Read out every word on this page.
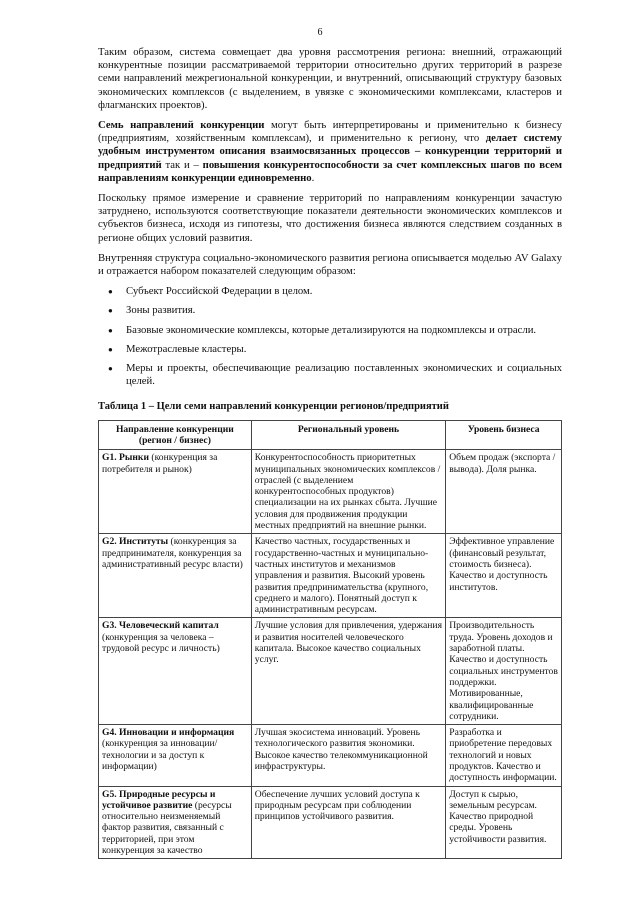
6

Таким образом, система совмещает два уровня рассмотрения региона: внешний, отражающий конкурентные позиции рассматриваемой территории относительно других территорий в разрезе семи направлений межрегиональной конкуренции, и внутренний, описывающий структуру базовых экономических комплексов (с выделением, в увязке с экономическими комплексами, кластеров и флагманских проектов).

Семь направлений конкуренции могут быть интерпретированы и применительно к бизнесу (предприятиям, хозяйственным комплексам), и применительно к региону, что делает систему удобным инструментом описания взаимосвязанных процессов – конкуренции территорий и предприятий так и – повышения конкурентоспособности за счет комплексных шагов по всем направлениям конкуренции единовременно.

Поскольку прямое измерение и сравнение территорий по направлениям конкуренции зачастую затруднено, используются соответствующие показатели деятельности экономических комплексов и субъектов бизнеса, исходя из гипотезы, что достижения бизнеса являются следствием созданных в регионе общих условий развития.

Внутренняя структура социально-экономического развития региона описывается моделью AV Galaxy и отражается набором показателей следующим образом:

● Субъект Российской Федерации в целом.
● Зоны развития.
● Базовые экономические комплексы, которые детализируются на подкомплексы и отрасли.
● Межотраслевые кластеры.
● Меры и проекты, обеспечивающие реализацию поставленных экономических и социальных целей.
Таблица 1 – Цели семи направлений конкуренции регионов/предприятий
Направление конкуренции (регион / бизнес)	Региональный уровень	Уровень бизнеса
G1. Рынки (конкуренция за потребителя и рынок)	Конкурентоспособность приоритетных муниципальных экономических комплексов / отраслей (с выделением конкурентоспособных продуктов) специализации на их рынках сбыта. Лучшие условия для продвижения продукции местных предприятий на внешние рынки.	Объем продаж (экспорта / вывода). Доля рынка.
G2. Институты (конкуренция за предпринимателя, конкуренция за административный ресурс власти)	Качество частных, государственных и государственно-частных и муниципально-частных институтов и механизмов управления и развития. Высокий уровень развития предпринимательства (крупного, среднего и малого). Понятный доступ к административным ресурсам.	Эффективное управление (финансовый результат, стоимость бизнеса). Качество и доступность институтов.
G3. Человеческий капитал (конкуренция за человека – трудовой ресурс и личность)	Лучшие условия для привлечения, удержания и развития носителей человеческого капитала. Высокое качество социальных услуг.	Производительность труда. Уровень доходов и заработной платы. Качество и доступность социальных инструментов поддержки. Мотивированные, квалифицированные сотрудники.
G4. Инновации и информация (конкуренция за инновации/технологии и за доступ к информации)	Лучшая экосистема инноваций. Уровень технологического развития экономики. Высокое качество телекоммуникационной инфраструктуры.	Разработка и приобретение передовых технологий и новых продуктов. Качество и доступность информации.
G5. Природные ресурсы и устойчивое развитие (ресурсы относительно неизменяемый фактор развития, связанный с территорией, при этом конкуренция за качество	Обеспечение лучших условий доступа к природным ресурсам при соблюдении принципов устойчивого развития.	Доступ к сырью, земельным ресурсам. Качество природной среды. Уровень устойчивости развития.
